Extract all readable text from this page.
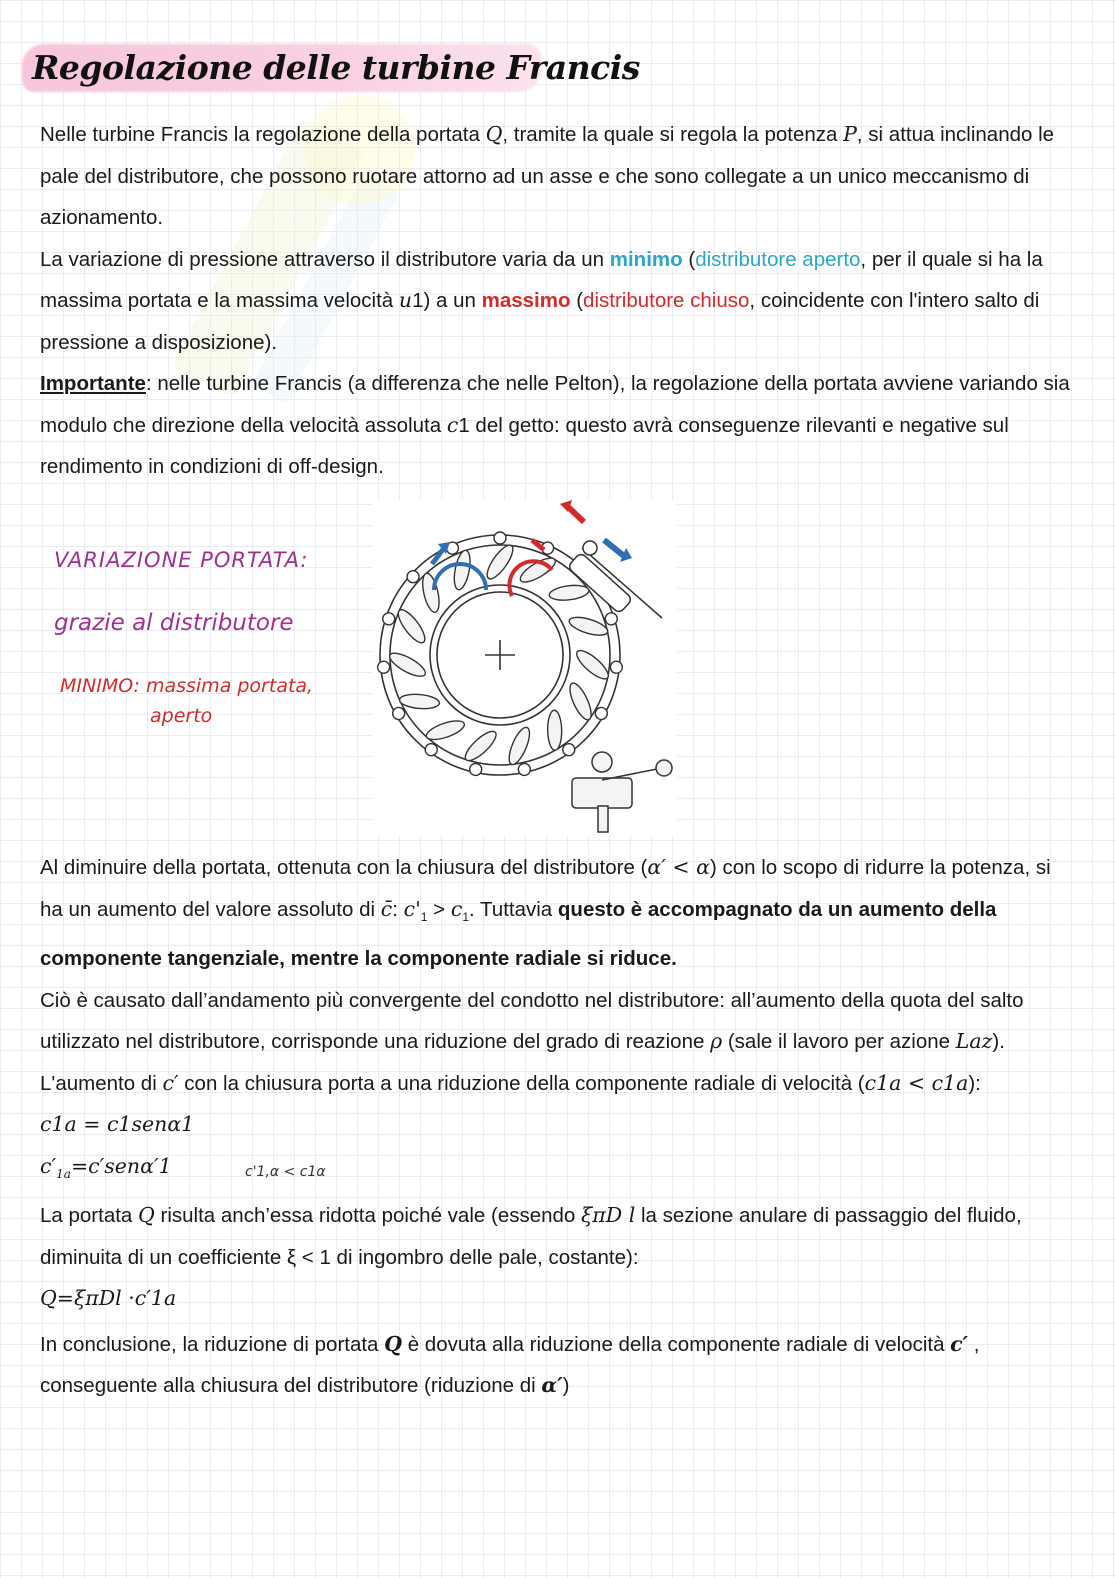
Regolazione delle turbine Francis

Nelle turbine Francis la regolazione della portata Q, tramite la quale si regola la potenza P, si attua inclinando le pale del distributore, che possono ruotare attorno ad un asse e che sono collegate a un unico meccanismo di azionamento.

La variazione di pressione attraverso il distributore varia da un minimo (distributore aperto, per il quale si ha la massima portata e la massima velocità u1) a un massimo (distributore chiuso, coincidente con l'intero salto di pressione a disposizione).

Importante: nelle turbine Francis (a differenza che nelle Pelton), la regolazione della portata avviene variando sia modulo che direzione della velocità assoluta c1 del getto: questo avrà conseguenze rilevanti e negative sul rendimento in condizioni di off-design.

VARIAZIONE PORTATA:
grazie al distributore
MINIMO: massima portata,
aperto

Al diminuire della portata, ottenuta con la chiusura del distributore (α′ < α) con lo scopo di ridurre la potenza, si ha un aumento del valore assoluto di c̄: $c'_1 > c_1$. Tuttavia questo è accompagnato da un aumento della componente tangenziale, mentre la componente radiale si riduce.

Ciò è causato dall’andamento più convergente del condotto nel distributore: all’aumento della quota del salto utilizzato nel distributore, corrisponde una riduzione del grado di reazione ρ (sale il lavoro per azione Laz). L'aumento di c′ con la chiusura porta a una riduzione della componente radiale di velocità (c1a < c1a):

c1a = c1senα1

$c'_{1a}=c'sen\alpha'1$

La portata Q risulta anch’essa ridotta poiché vale (essendo ξπD l la sezione anulare di passaggio del fluido, diminuita di un coefficiente ξ < 1 di ingombro delle pale, costante):

Q=ξπDl ·c′1a

In conclusione, la riduzione di portata Q è dovuta alla riduzione della componente radiale di velocità c′ , conseguente alla chiusura del distributore (riduzione di α′)

c'1,α < c1α
